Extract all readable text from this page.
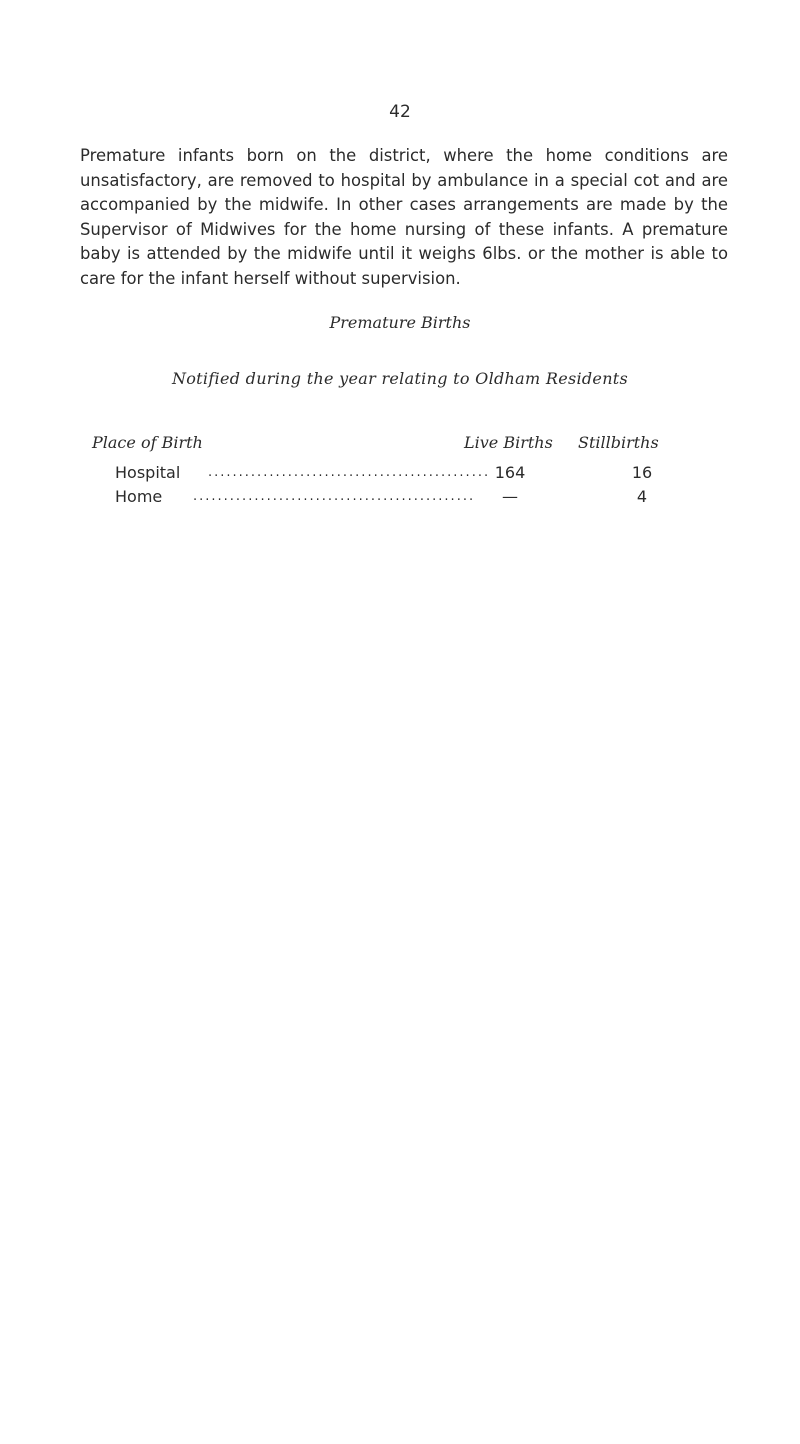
42

Premature infants born on the district, where the home conditions are unsatisfactory, are removed to hospital by ambulance in a special cot and are accompanied by the midwife. In other cases arrangements are made by the Supervisor of Midwives for the home nursing of these infants. A premature baby is attended by the midwife until it weighs 6lbs. or the mother is able to care for the infant herself without supervision.

Premature Births
Notified during the year relating to Oldham Residents
Place of Birth	Live Births Stillbirths
Hospital .............................................. 164	16
Home ..............................................	—	4
